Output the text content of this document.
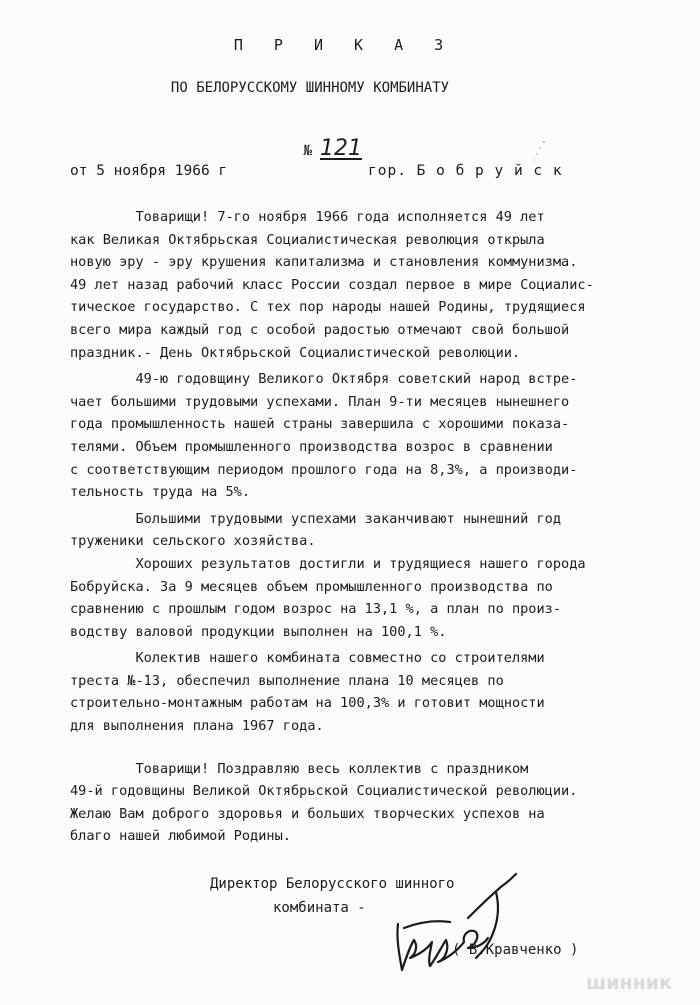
П Р И К А З
ПО БЕЛОРУССКОМУ ШИННОМУ КОМБИНАТУ

№ 121

от 5 ноября 1966 г	гор. Б о б р у й с к
Товарищи! 7-го ноября 1966 года исполняется 49 лет
как Великая Октябрьская Социалистическая революция открыла
новую эру - эру крушения капитализма и становления коммунизма.
49 лет назад рабочий класс России создал первое в мире Социалис-
тическое государство. С тех пор народы нашей Родины, трудящиеся
всего мира каждый год с особой радостью отмечают свой большой
праздник.- День Октябрьской Социалистической революции.
49-ю годовщину Великого Октября советский народ встре-
чает большими трудовыми успехами. План 9-ти месяцев нынешнего
года промышленность нашей страны завершила с хорошими показа-
телями. Объем промышленного производства возрос в сравнении
с соответствующим периодом прошлого года на 8,3%, а производи-
тельность труда на 5%.
Большими трудовыми успехами заканчивают нынешний год
труженики сельского хозяйства.
Хороших результатов достигли и трудящиеся нашего города
Бобруйска. За 9 месяцев объем промышленного производства по
сравнению с прошлым годом возрос на 13,1 %, а план по произ-
водству валовой продукции выполнен на 100,1 %.
Колектив нашего комбината совместно со строителями
треста №-13, обеспечил выполнение плана 10 месяцев по
строительно-монтажным работам на 100,3% и готовит мощности
для выполнения плана 1967 года.
Товарищи! Поздравляю весь коллектив с праздником
49-й годовщины Великой Октябрьской Социалистической революции.
Желаю Вам доброго здоровья и больших творческих успехов на
благо нашей любимой Родины.
Директор Белорусского шинного
комбината -
( В.Кравченко )
шинник
